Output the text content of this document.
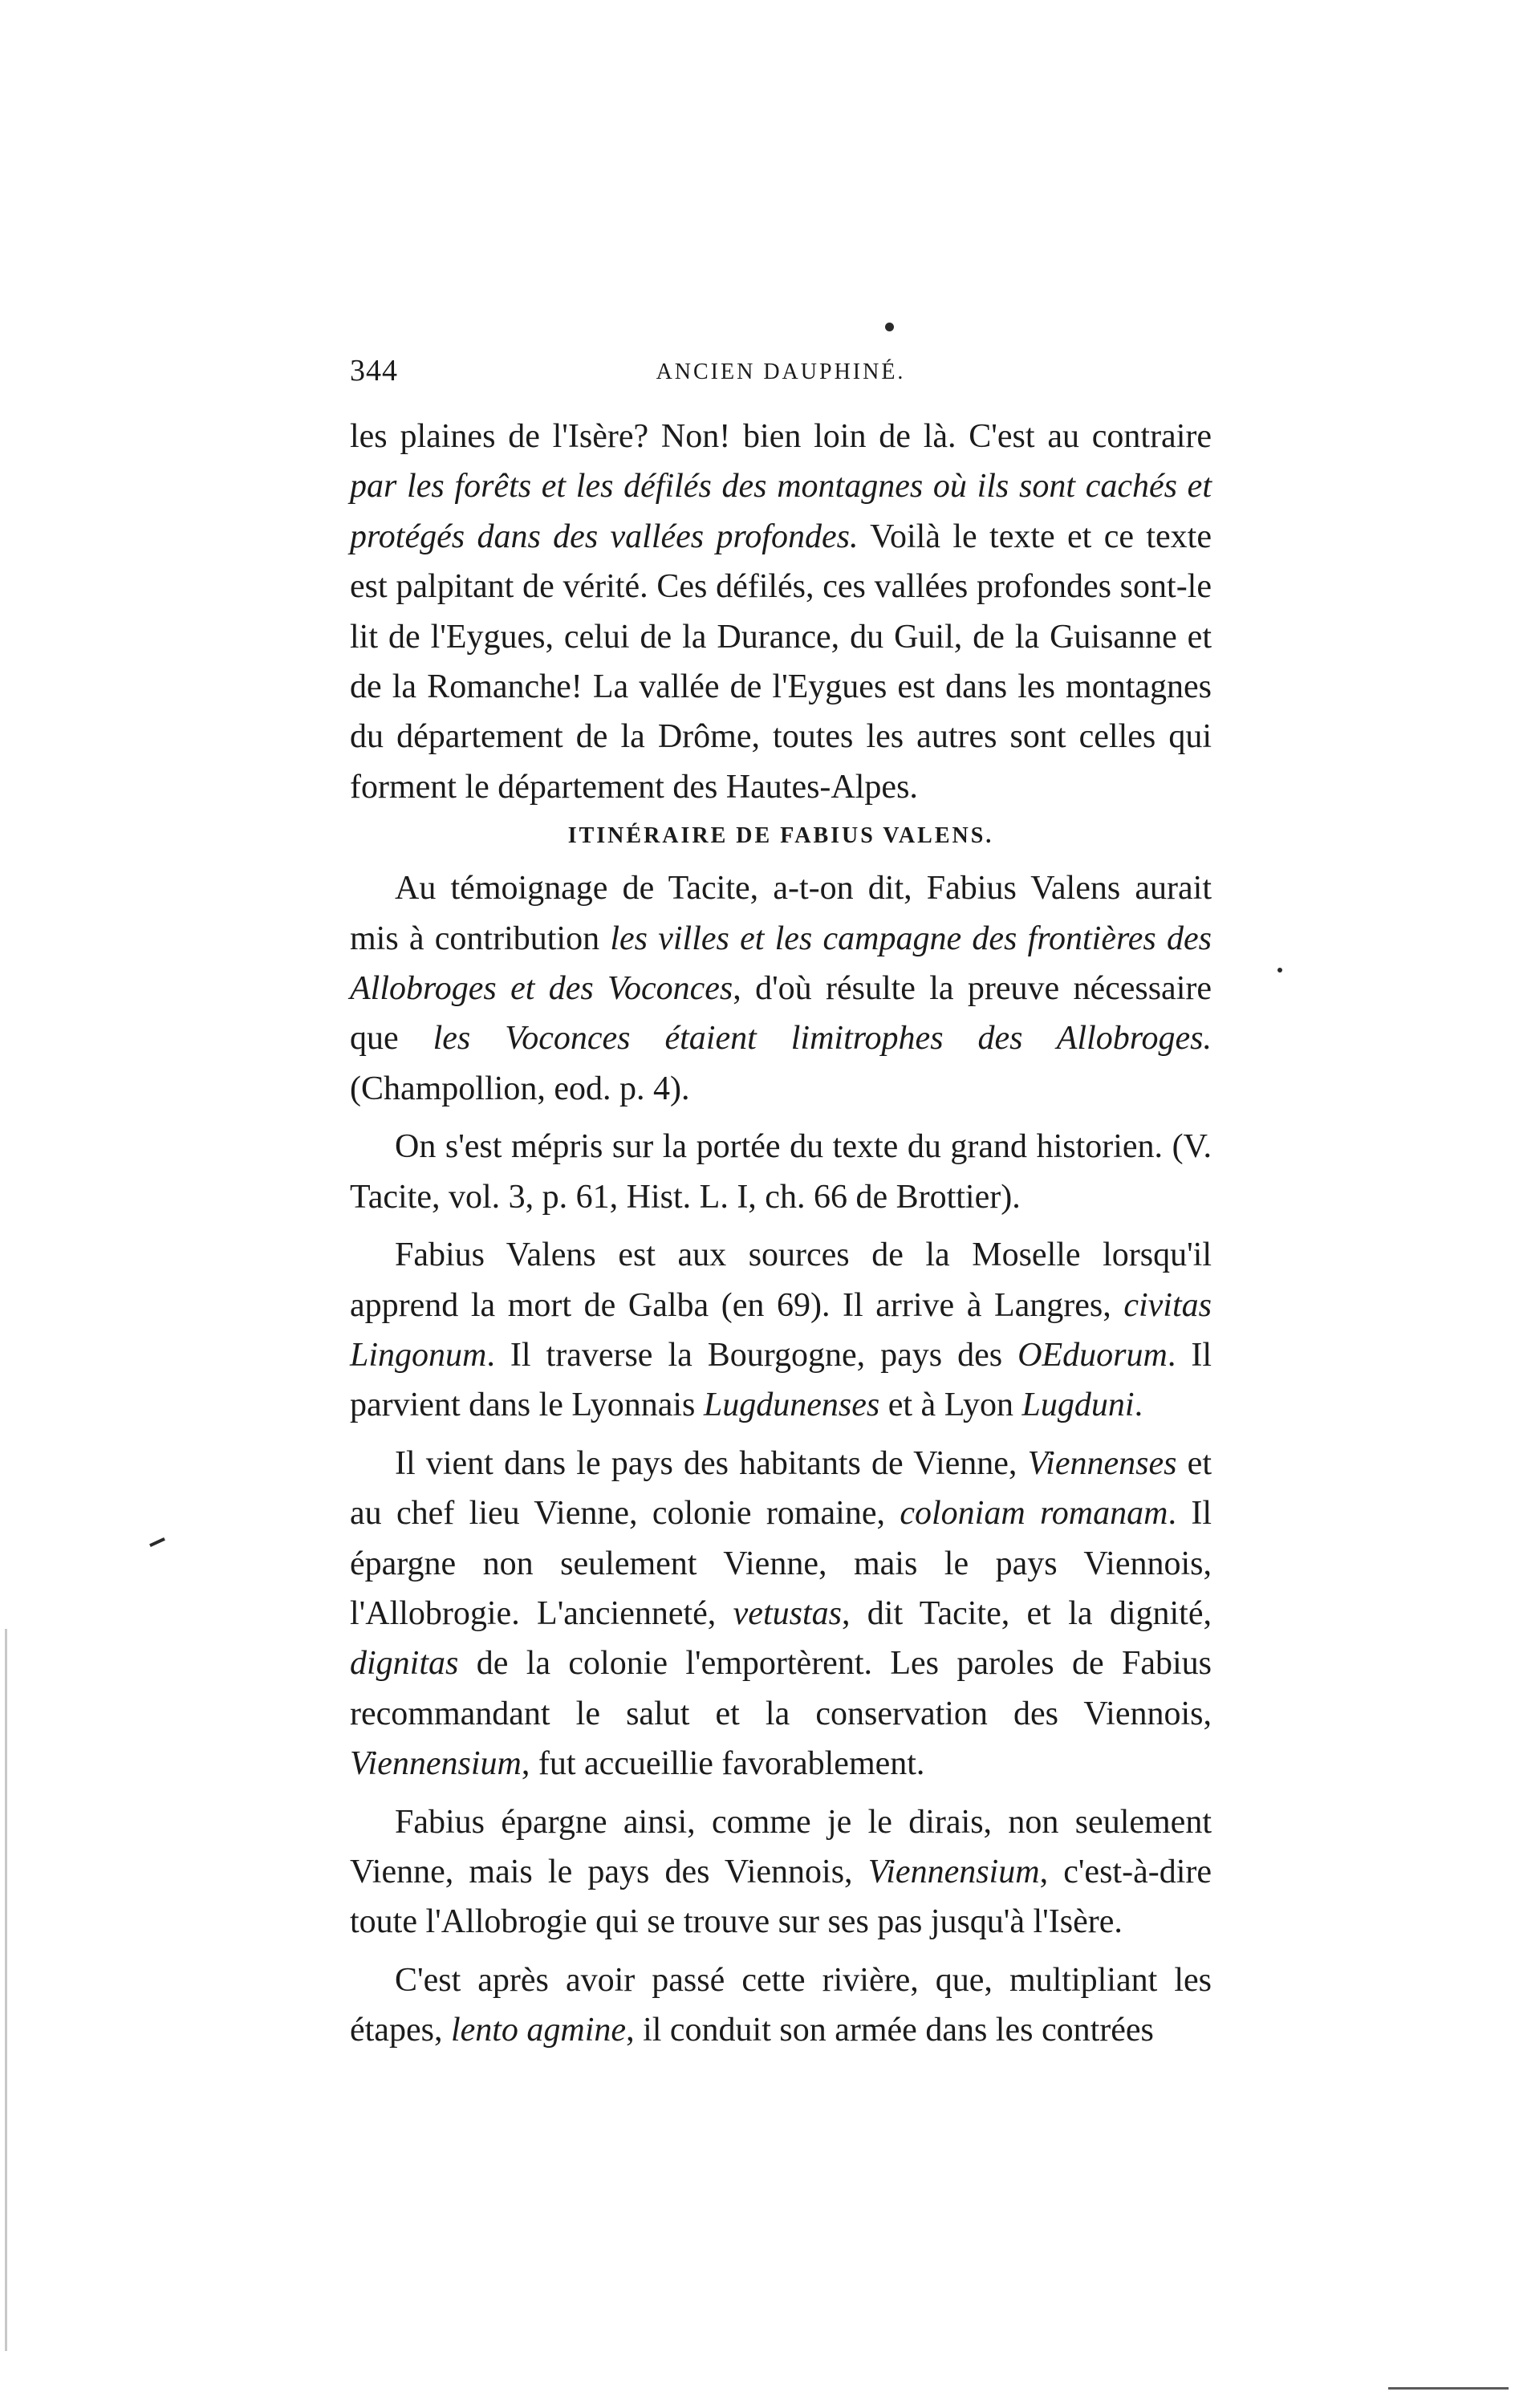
344	ANCIEN DAUPHINÉ.

les plaines de l'Isère? Non! bien loin de là. C'est au contraire par les forêts et les défilés des montagnes où ils sont cachés et protégés dans des vallées profondes. Voilà le texte et ce texte est palpitant de vérité. Ces défilés, ces vallées profondes sont-le lit de l'Eygues, celui de la Durance, du Guil, de la Guisanne et de la Romanche! La vallée de l'Eygues est dans les montagnes du département de la Drôme, toutes les autres sont celles qui forment le département des Hautes-Alpes.

ITINÉRAIRE DE FABIUS VALENS.

Au témoignage de Tacite, a-t-on dit, Fabius Valens aurait mis à contribution les villes et les campagne des frontières des Allobroges et des Voconces, d'où résulte la preuve nécessaire que les Voconces étaient limitrophes des Allobroges. (Champollion, eod. p. 4).

On s'est mépris sur la portée du texte du grand historien. (V. Tacite, vol. 3, p. 61, Hist. L. I, ch. 66 de Brottier).

Fabius Valens est aux sources de la Moselle lorsqu'il apprend la mort de Galba (en 69). Il arrive à Langres, civitas Lingonum. Il traverse la Bourgogne, pays des OEduorum. Il parvient dans le Lyonnais Lugdunenses et à Lyon Lugduni.

Il vient dans le pays des habitants de Vienne, Viennenses et au chef lieu Vienne, colonie romaine, coloniam romanam. Il épargne non seulement Vienne, mais le pays Viennois, l'Allobrogie. L'ancienneté, vetustas, dit Tacite, et la dignité, dignitas de la colonie l'emportèrent. Les paroles de Fabius recommandant le salut et la conservation des Viennois, Viennensium, fut accueillie favorablement.

Fabius épargne ainsi, comme je le dirais, non seulement Vienne, mais le pays des Viennois, Viennensium, c'est-à-dire toute l'Allobrogie qui se trouve sur ses pas jusqu'à l'Isère.

C'est après avoir passé cette rivière, que, multipliant les étapes, lento agmine, il conduit son armée dans les contrées
